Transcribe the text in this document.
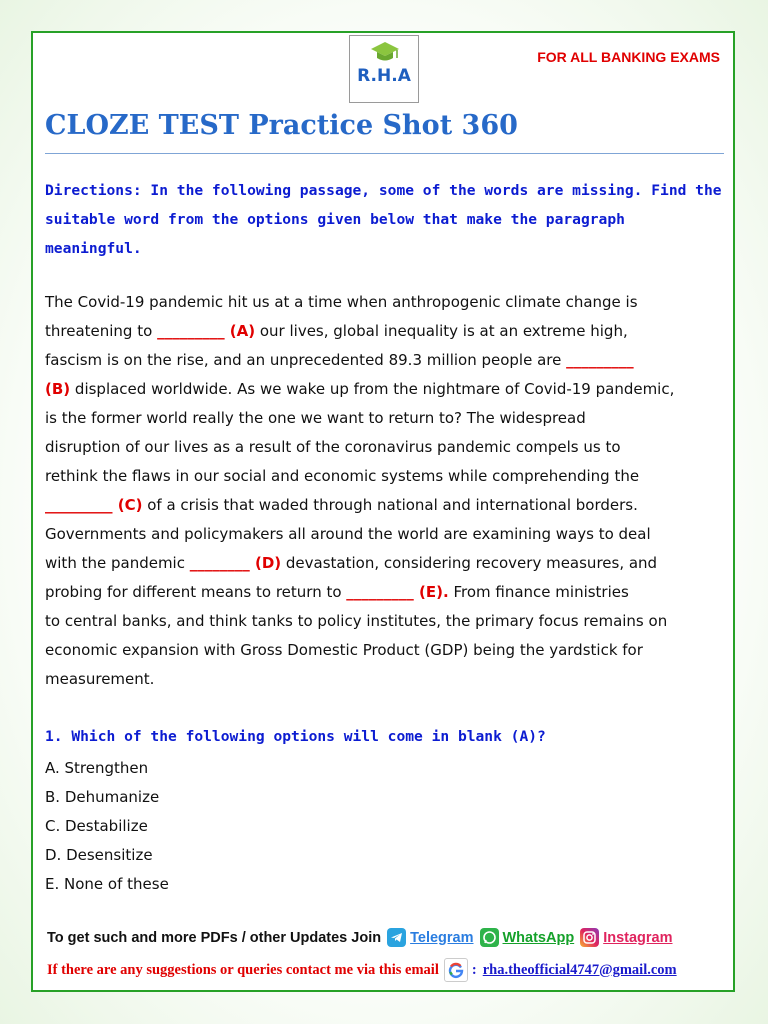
R.H.A
FOR ALL BANKING EXAMS
CLOZE TEST Practice Shot 360
Directions: In the following passage, some of the words are missing. Find the suitable word from the options given below that make the paragraph meaningful.
The Covid-19 pandemic hit us at a time when anthropogenic climate change is
threatening to _________ (A) our lives, global inequality is at an extreme high,
fascism is on the rise, and an unprecedented 89.3 million people are _________
(B) displaced worldwide. As we wake up from the nightmare of Covid-19 pandemic,
is the former world really the one we want to return to? The widespread
disruption of our lives as a result of the coronavirus pandemic compels us to
rethink the flaws in our social and economic systems while comprehending the
_________ (C) of a crisis that waded through national and international borders.
Governments and policymakers all around the world are examining ways to deal
with the pandemic ________ (D) devastation, considering recovery measures, and
probing for different means to return to _________ (E). From finance ministries
to central banks, and think tanks to policy institutes, the primary focus remains on
economic expansion with Gross Domestic Product (GDP) being the yardstick for
measurement.
1. Which of the following options will come in blank (A)?
A. Strengthen
B. Dehumanize
C. Destabilize
D. Desensitize
E. None of these
To get such and more PDFs / other Updates Join Telegram WhatsApp Instagram
If there are any suggestions or queries contact me via this email : rha.theofficial4747@gmail.com
